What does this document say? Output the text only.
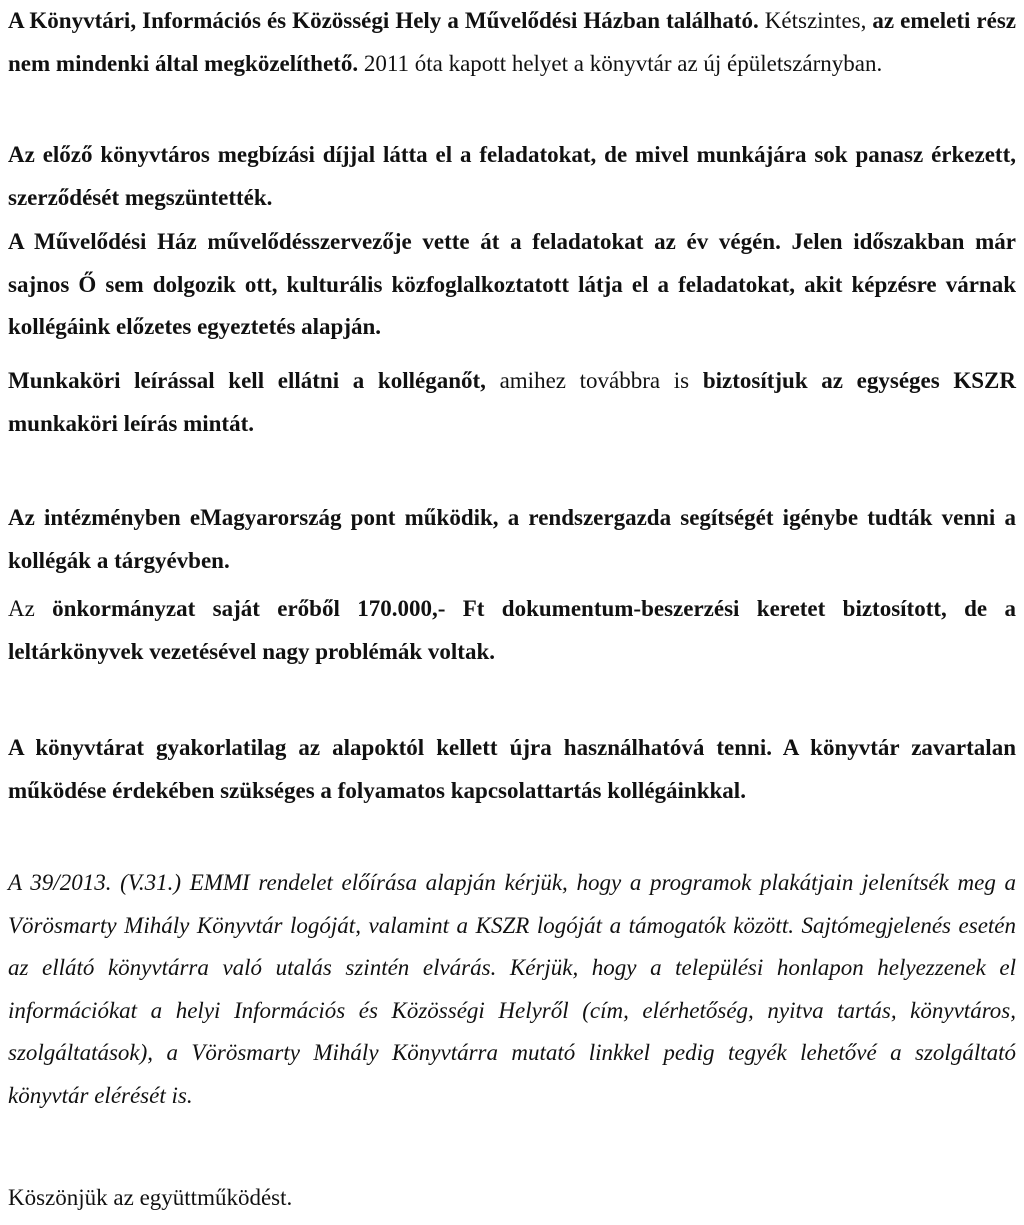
A Könyvtári, Információs és Közösségi Hely a Művelődési Házban található. Kétszintes, az emeleti rész nem mindenki által megközelíthető. 2011 óta kapott helyet a könyvtár az új épületszárnyban.

Az előző könyvtáros megbízási díjjal látta el a feladatokat, de mivel munkájára sok panasz érkezett, szerződését megszüntették.

A Művelődési Ház művelődésszervezője vette át a feladatokat az év végén. Jelen időszakban már sajnos Ő sem dolgozik ott, kulturális közfoglalkoztatott látja el a feladatokat, akit képzésre várnak kollégáink előzetes egyeztetés alapján.

Munkaköri leírással kell ellátni a kolléganőt, amihez továbbra is biztosítjuk az egységes KSZR munkaköri leírás mintát.

Az intézményben eMagyarország pont működik, a rendszergazda segítségét igénybe tudták venni a kollégák a tárgyévben.

Az önkormányzat saját erőből 170.000,- Ft dokumentum-beszerzési keretet biztosított, de a leltárkönyvek vezetésével nagy problémák voltak.

A könyvtárat gyakorlatilag az alapoktól kellett újra használhatóvá tenni. A könyvtár zavartalan működése érdekében szükséges a folyamatos kapcsolattartás kollégáinkkal.

A 39/2013. (V.31.) EMMI rendelet előírása alapján kérjük, hogy a programok plakátjain jelenítsék meg a Vörösmarty Mihály Könyvtár logóját, valamint a KSZR logóját a támogatók között. Sajtómegjelenés esetén az ellátó könyvtárra való utalás szintén elvárás. Kérjük, hogy a települési honlapon helyezzenek el információkat a helyi Információs és Közösségi Helyről (cím, elérhetőség, nyitva tartás, könyvtáros, szolgáltatások), a Vörösmarty Mihály Könyvtárra mutató linkkel pedig tegyék lehetővé a szolgáltató könyvtár elérését is.

Köszönjük az együttműködést.
